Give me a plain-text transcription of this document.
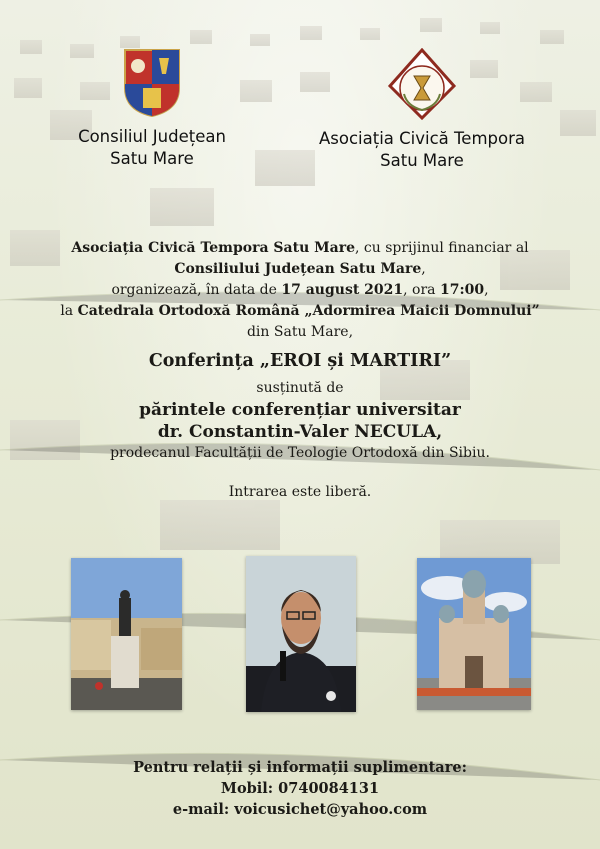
Consiliul Județean
Satu Mare
Asociația Civică Tempora
Satu Mare
Asociația Civică Tempora Satu Mare, cu sprijinul financiar al
Consiliului Județean Satu Mare,
organizează, în data de 17 august 2021, ora 17:00,
la Catedrala Ortodoxă Română „Adormirea Maicii Domnului”
din Satu Mare,
Conferința „EROI și MARTIRI”
susținută de
părintele conferențiar universitar
dr. Constantin-Valer NECULA,
prodecanul Facultății de Teologie Ortodoxă din Sibiu.
Intrarea este liberă.
Pentru relații și informații suplimentare:
Mobil: 0740084131
e-mail: voicusichet@yahoo.com
